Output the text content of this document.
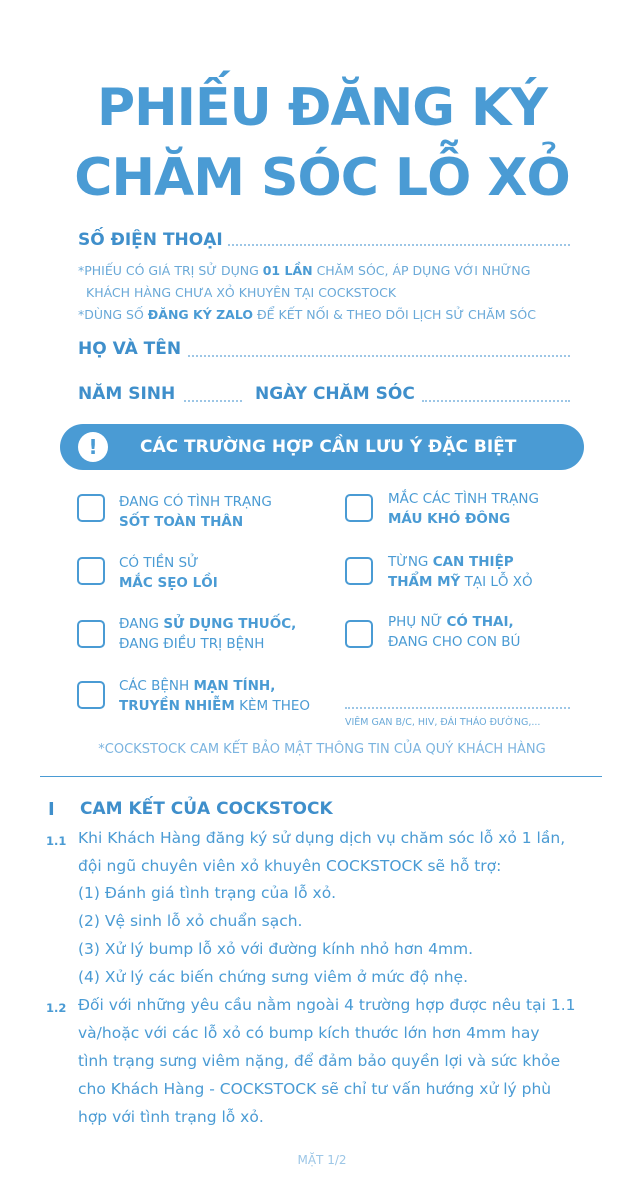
PHIẾU ĐĂNG KÝ
CHĂM SÓC LỖ XỎ
SỐ ĐIỆN THOẠI
*PHIẾU CÓ GIÁ TRỊ SỬ DỤNG 01 LẦN CHĂM SÓC, ÁP DỤNG VỚI NHỮNG
KHÁCH HÀNG CHƯA XỎ KHUYÊN TẠI COCKSTOCK
*DÙNG SỐ ĐĂNG KÝ ZALO ĐỂ KẾT NỐI & THEO DÕI LỊCH SỬ CHĂM SÓC
HỌ VÀ TÊN
NĂM SINH	NGÀY CHĂM SÓC
!	CÁC TRƯỜNG HỢP CẦN LƯU Ý ĐẶC BIỆT
ĐANG CÓ TÌNH TRẠNG
SỐT TOÀN THÂN
MẮC CÁC TÌNH TRẠNG
MÁU KHÓ ĐÔNG
CÓ TIỀN SỬ
MẮC SẸO LỒI
TỪNG CAN THIỆP
THẨM MỸ TẠI LỖ XỎ
ĐANG SỬ DỤNG THUỐC,
ĐANG ĐIỀU TRỊ BỆNH
PHỤ NỮ CÓ THAI,
ĐANG CHO CON BÚ
CÁC BỆNH MẠN TÍNH,
TRUYỀN NHIỄM KÈM THEO
VIÊM GAN B/C, HIV, ĐÁI THÁO ĐƯỜNG,...
*COCKSTOCK CAM KẾT BẢO MẬT THÔNG TIN CỦA QUÝ KHÁCH HÀNG
I CAM KẾT CỦA COCKSTOCK
1.1 Khi Khách Hàng đăng ký sử dụng dịch vụ chăm sóc lỗ xỏ 1 lần,
đội ngũ chuyên viên xỏ khuyên COCKSTOCK sẽ hỗ trợ:
(1) Đánh giá tình trạng của lỗ xỏ.
(2) Vệ sinh lỗ xỏ chuẩn sạch.
(3) Xử lý bump lỗ xỏ với đường kính nhỏ hơn 4mm.
(4) Xử lý các biến chứng sưng viêm ở mức độ nhẹ.
1.2 Đối với những yêu cầu nằm ngoài 4 trường hợp được nêu tại 1.1
và/hoặc với các lỗ xỏ có bump kích thước lớn hơn 4mm hay
tình trạng sưng viêm nặng, để đảm bảo quyền lợi và sức khỏe
cho Khách Hàng - COCKSTOCK sẽ chỉ tư vấn hướng xử lý phù
hợp với tình trạng lỗ xỏ.
MẶT 1/2
